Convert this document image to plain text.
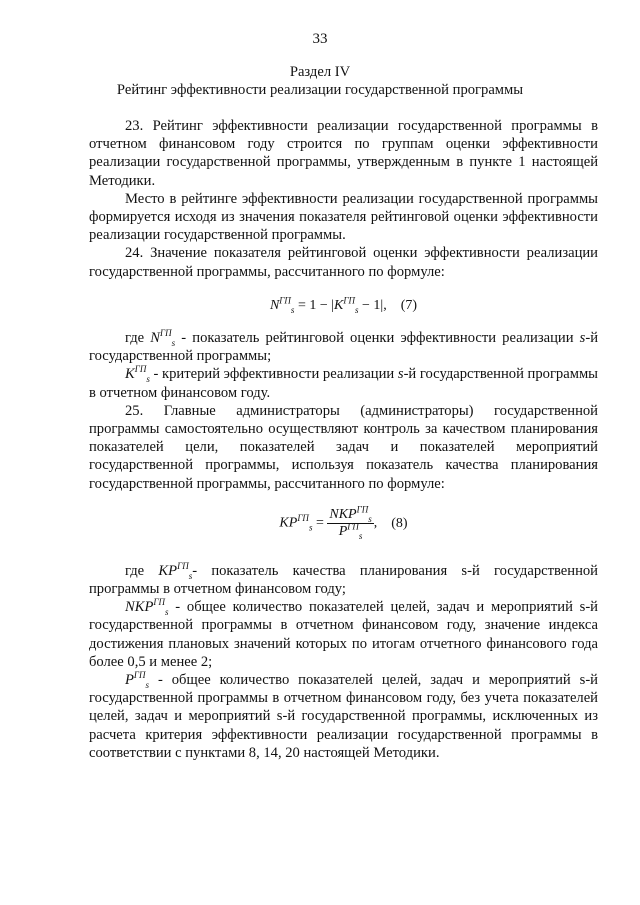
33
Раздел IV
Рейтинг эффективности реализации государственной программы

23. Рейтинг эффективности реализации государственной программы в отчетном финансовом году строится по группам оценки эффективности реализации государственной программы, утвержденным в пункте 1 настоящей Методики.

Место в рейтинге эффективности реализации государственной программы формируется исходя из значения показателя рейтинговой оценки эффективности реализации государственной программы.

24. Значение показателя рейтинговой оценки эффективности реализации государственной программы, рассчитанного по формуле:

$N^{ГП}_s = 1 - |K^{ГП}_s - 1|$, (7)

где $N^{ГП}_s$ - показатель рейтинговой оценки эффективности реализации s-й государственной программы;

$K^{ГП}_s$ - критерий эффективности реализации s-й государственной программы в отчетном финансовом году.

25. Главные администраторы (администраторы) государственной программы самостоятельно осуществляют контроль за качеством планирования показателей цели, показателей задач и показателей мероприятий государственной программы, используя показатель качества планирования государственной программы, рассчитанного по формуле:

$KP^{ГП}_s = \frac{NKP^{ГП}_s}{P^{ГП}_s}$ , (8)

где $KP^{ГП}_s-$ показатель качества планирования s-й государственной программы в отчетном финансовом году;

$NKP^{ГП}_s$ - общее количество показателей целей, задач и мероприятий s-й государственной программы в отчетном финансовом году, значение индекса достижения плановых значений которых по итогам отчетного финансового года более 0,5 и менее 2;

$P^{ГП}_s$ - общее количество показателей целей, задач и мероприятий s-й государственной программы в отчетном финансовом году, без учета показателей целей, задач и мероприятий s-й государственной программы, исключенных из расчета критерия эффективности реализации государственной программы в соответствии с пунктами 8, 14, 20 настоящей Методики.
